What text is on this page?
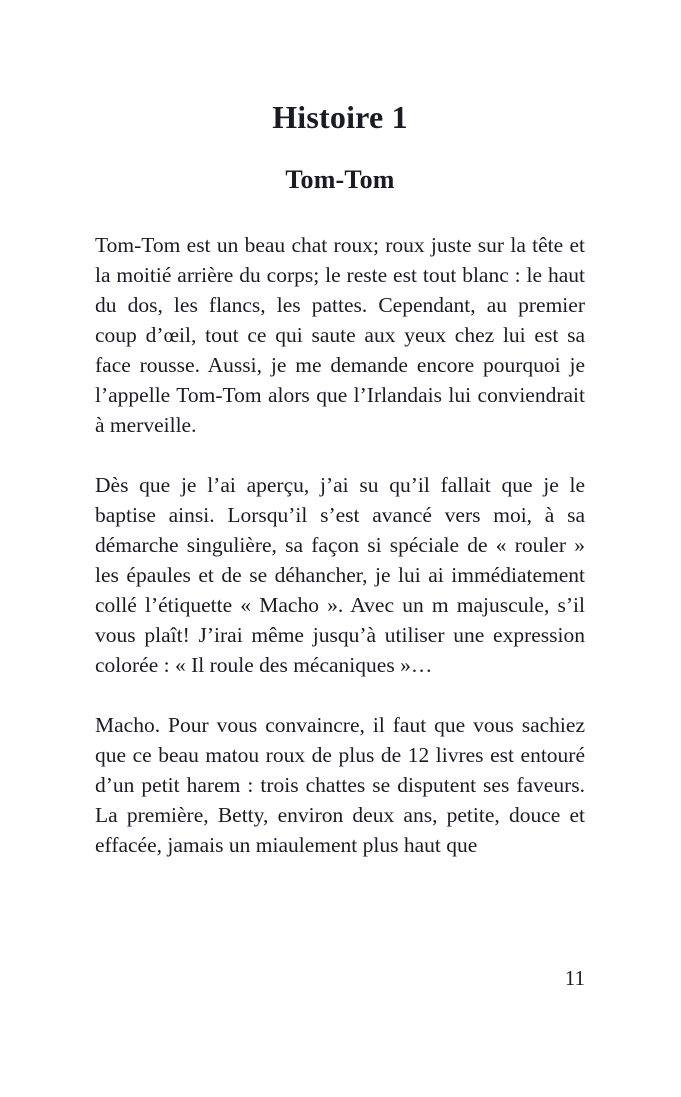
Histoire 1
Tom-Tom

Tom-Tom est un beau chat roux; roux juste sur la tête et la moitié arrière du corps; le reste est tout blanc : le haut du dos, les flancs, les pattes. Cependant, au premier coup d’œil, tout ce qui saute aux yeux chez lui est sa face rousse. Aussi, je me demande encore pourquoi je l’appelle Tom-Tom alors que l’Irlandais lui conviendrait à merveille.

Dès que je l’ai aperçu, j’ai su qu’il fallait que je le baptise ainsi. Lorsqu’il s’est avancé vers moi, à sa démarche singulière, sa façon si spéciale de « rouler » les épaules et de se déhancher, je lui ai immédiatement collé l’étiquette « Macho ». Avec un m majuscule, s’il vous plaît! J’irai même jusqu’à utiliser une expression colorée : « Il roule des mécaniques »…

Macho. Pour vous convaincre, il faut que vous sachiez que ce beau matou roux de plus de 12 livres est entouré d’un petit harem : trois chattes se disputent ses faveurs. La première, Betty, environ deux ans, petite, douce et effacée, jamais un miaulement plus haut que

11
